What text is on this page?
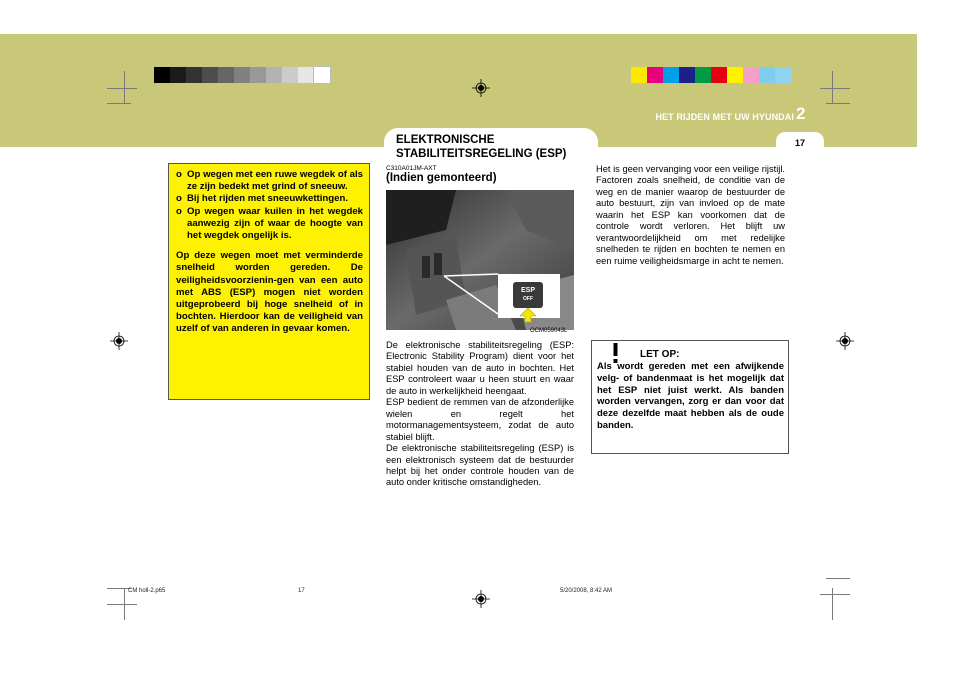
HET RIJDEN MET UW HYUNDAI 2
17
ELEKTRONISCHE
STABILITEITSREGELING (ESP)
o Op wegen met een ruwe wegdek of als ze zijn bedekt met grind of sneeuw.
o Bij het rijden met sneeuwkettingen.
o Op wegen waar kuilen in het wegdek aanwezig zijn of waar de hoogte van het wegdek ongelijk is.

Op deze wegen moet met verminderde snelheid worden gereden. De veiligheidsvoorzienin-gen van een auto met ABS (ESP) mogen niet worden uitgeprobeerd bij hoge snelheid of in bochten. Hierdoor kan de veiligheid van uzelf of van anderen in gevaar komen.

C310A01JM-AXT
(Indien gemonteerd)
ESP
OFF
OCM059043L
De elektronische stabiliteitsregeling (ESP: Electronic Stability Program) dient voor het stabiel houden van de auto in bochten. Het ESP controleert waar u heen stuurt en waar de auto in werkelijkheid heengaat.
ESP bedient de remmen van de afzonderlijke wielen en regelt het motormanagementsysteem, zodat de auto stabiel blijft.
De elektronische stabiliteitsregeling (ESP) is een elektronisch systeem dat de bestuurder helpt bij het onder controle houden van de auto onder kritische omstandigheden.
Het is geen vervanging voor een veilige rijstijl. Factoren zoals snelheid, de conditie van de weg en de manier waarop de bestuurder de auto bestuurt, zijn van invloed op de mate waarin het ESP kan voorkomen dat de controle wordt verloren. Het blijft uw verantwoordelijkheid om met redelijke snelheden te rijden en bochten te nemen en een ruime veiligheidsmarge in acht te nemen.
LET OP:
Als wordt gereden met een afwijkende velg- of bandenmaat is het mogelijk dat het ESP niet juist werkt. Als banden worden vervangen, zorg er dan voor dat deze dezelfde maat hebben als de oude banden.
CM holl-2.p65	17	5/20/2008, 8:42 AM
